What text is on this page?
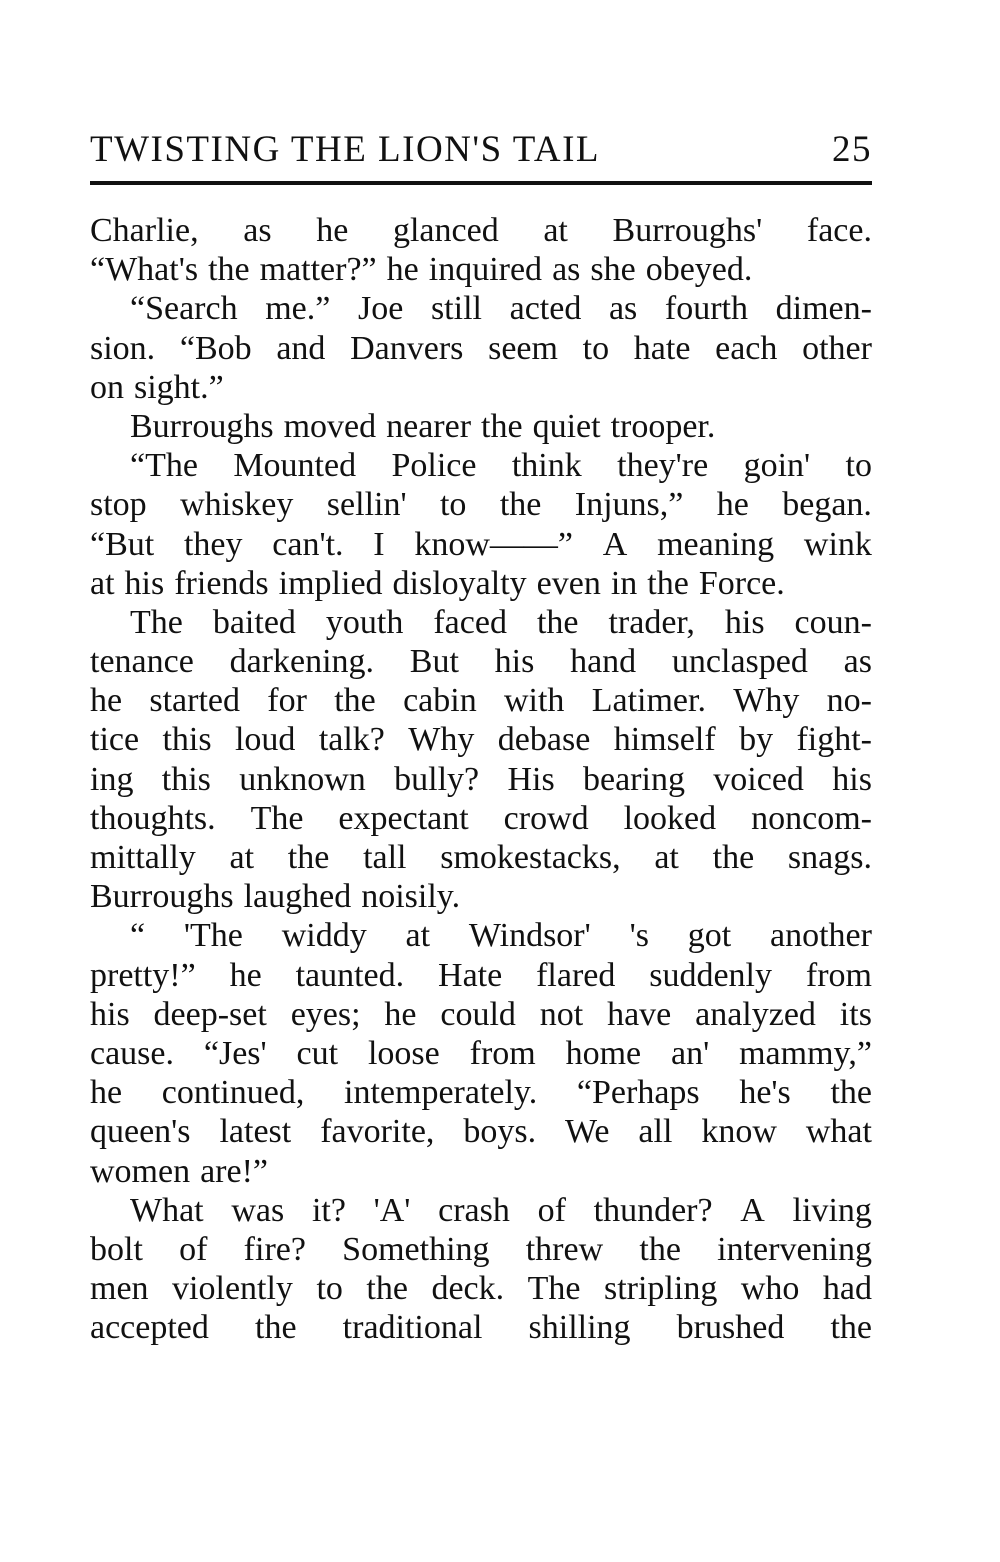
TWISTING THE LION'S TAIL	25
Charlie, as he glanced at Burroughs' face.
“What's the matter?” he inquired as she obeyed.
“Search me.” Joe still acted as fourth dimen-
sion. “Bob and Danvers seem to hate each other
on sight.”
Burroughs moved nearer the quiet trooper.
“The Mounted Police think they're goin' to
stop whiskey sellin' to the Injuns,” he began.
“But they can't. I know——” A meaning wink
at his friends implied disloyalty even in the Force.
The baited youth faced the trader, his coun-
tenance darkening. But his hand unclasped as
he started for the cabin with Latimer. Why no-
tice this loud talk? Why debase himself by fight-
ing this unknown bully? His bearing voiced his
thoughts. The expectant crowd looked noncom-
mittally at the tall smokestacks, at the snags.
Burroughs laughed noisily.
“ 'The widdy at Windsor' 's got another
pretty!” he taunted. Hate flared suddenly from
his deep-set eyes; he could not have analyzed its
cause. “Jes' cut loose from home an' mammy,”
he continued, intemperately. “Perhaps he's the
queen's latest favorite, boys. We all know what
women are!”
What was it? 'A' crash of thunder? A living
bolt of fire? Something threw the intervening
men violently to the deck. The stripling who had
accepted the traditional shilling brushed the
